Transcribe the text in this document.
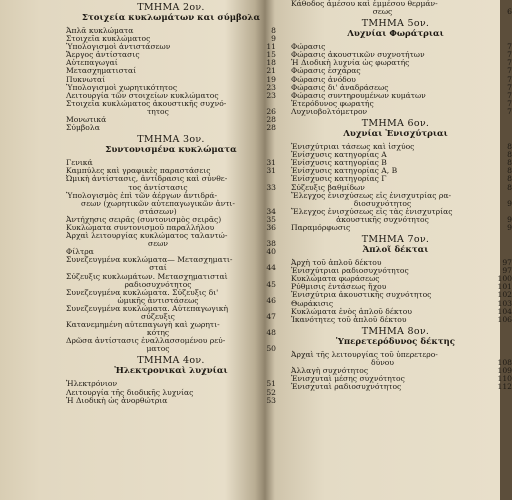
ΤΜΗΜΑ 2ον.
Στοιχεία κυκλωμάτων και σύμβολα
Ἁπλᾶ κυκλώματα	8
Στοιχεῖα κυκλώματος	9
Ὑπολογισμοὶ ἀντιστάσεων	11
Ἄεργος ἀντίστασις	15
Αὐτεπαγωγαί	18
Μετασχηματισταί	21
Πυκνωταί	19
Ὑπολογισμοὶ χωρητικότητος	23
Λειτουργία τῶν στοιχείων κυκλώματος	23
Στοιχεῖα κυκλώματος ἀκουστικῆς συχνό-
τητος	26
Μονωτικά	28
Σύμβολα	28
ΤΜΗΜΑ 3ον.
Συντονισμένα κυκλώματα
Γενικά	31
Καμπύλες καὶ γραφικὲς παραστάσεις	31
Ὠμικὴ ἀντίστασις, ἀντίδρασις καὶ σύνθε-
τος ἀντίστασις	33
Ὑπολογισμὸς ἐπὶ τῶν ἀέργων ἀντιδρά-
σεων (χωρητικῶν αὐτεπαγωγικῶν ἀντι-
στάσεων)	34
Ἀντήχησις σειρᾶς (συντονισμὸς σειρᾶς)	35
Κυκλώματα συντονισμοῦ παραλλήλου	36
Ἀρχαὶ λειτουργίας κυκλώματος ταλαντώ-
σεων	38
Φίλτρα	40
Συνεζευγμένα κυκλώματα— Μετασχηματι-
σταί	44
Σύζευξις κυκλωμάτων. Μετασχηματισταὶ
ραδιοσυχνότητος	45
Συνεζευγμένα κυκλώματα. Σύζευξις δι'
ὠμικῆς ἀντιστάσεως	46
Συνεζευγμένα κυκλώματα. Αὐτεπαγωγικὴ
σύζευξις	47
Κατανεμημένη αὐτεπαγωγὴ καὶ χωρητι-
κότης	48
Δρῶσα ἀντίστασις ἐναλλασσομένου ρεύ-
ματος	50
ΤΜΗΜΑ 4ον.
Ἠλεκτρονικαὶ λυχνίαι
Ἠλεκτρόνιον	51
Λειτουργία τῆς διοδικῆς λυχνίας	52
Ἡ Διοδικὴ ὡς ἀνορθώτρια	53
Κάθοδος ἀμέσου καὶ ἐμμέσου θερμάν-
σεως	6
ΤΜΗΜΑ 5ον.
Λυχνίαι Φωράτριαι
Φώρασις	7
Φώρασις ἀκουστικῶν συχνοτήτων	7
Ἡ Διοδικὴ λυχνία ὡς φωρατής	7
Φώρασις ἐσχάρας	7
Φώρασις ἀνόδου	7
Φώρασις δι' ἀναδράσεως	7
Φώρασις συντηρουμένων κυμάτων	7
Ἑτερόδυνος φωρατής	7
Λυχνιοβολτόμετρον	7
ΤΜΗΜΑ 6ον.
Λυχνίαι Ἐνισχύτριαι
Ἐνισχύτριαι τάσεως καὶ ἰσχύος	8
Ἐνίσχυσις κατηγορίας Α	8
Ἐνίσχυσις κατηγορίας Β	8
Ἐνίσχυσις κατηγορίας Α, Β	8
Ἐνίσχυσις κατηγορίας Γ	8
Σύζευξις βαθμίδων	8
Ἔλεγχος ἐνισχύσεως εἰς ἐνισχυτρίας ρα-
διοσυχνότητος	9
Ἔλεγχος ἐνισχύσεως εἰς τὰς ἐνισχυτρίας
ἀκουστικῆς συχνότητος	9
Παραμόρφωσις	9
ΤΜΗΜΑ 7ον.
Ἁπλοῖ δέκται
Ἀρχὴ τοῦ ἁπλοῦ δέκτου	97
Ἐνισχύτριαι ραδιοσυχνότητος	97
Κυκλώματα φωράσεως	100
Ρύθμισις ἐντάσεως ἤχου	101
Ἐνισχύτρια ἀκουστικῆς συχνότητος	102
Θωράκισις	103
Κυκλώματα ἑνὸς ἁπλοῦ δέκτου	104
Ἱκανότητες τοῦ ἁπλοῦ δέκτου	106
ΤΜΗΜΑ 8ον.
Ὑπερετερόδυνος δέκτης
Ἀρχαὶ τῆς λειτουργίας τοῦ ὑπερετερο-
δύνου	108
Ἀλλαγὴ συχνότητος	109
Ἐνισχυταὶ μέσης συχνότητος	110
Ἐνισχυταὶ ραδιοσυχνότητος	112
